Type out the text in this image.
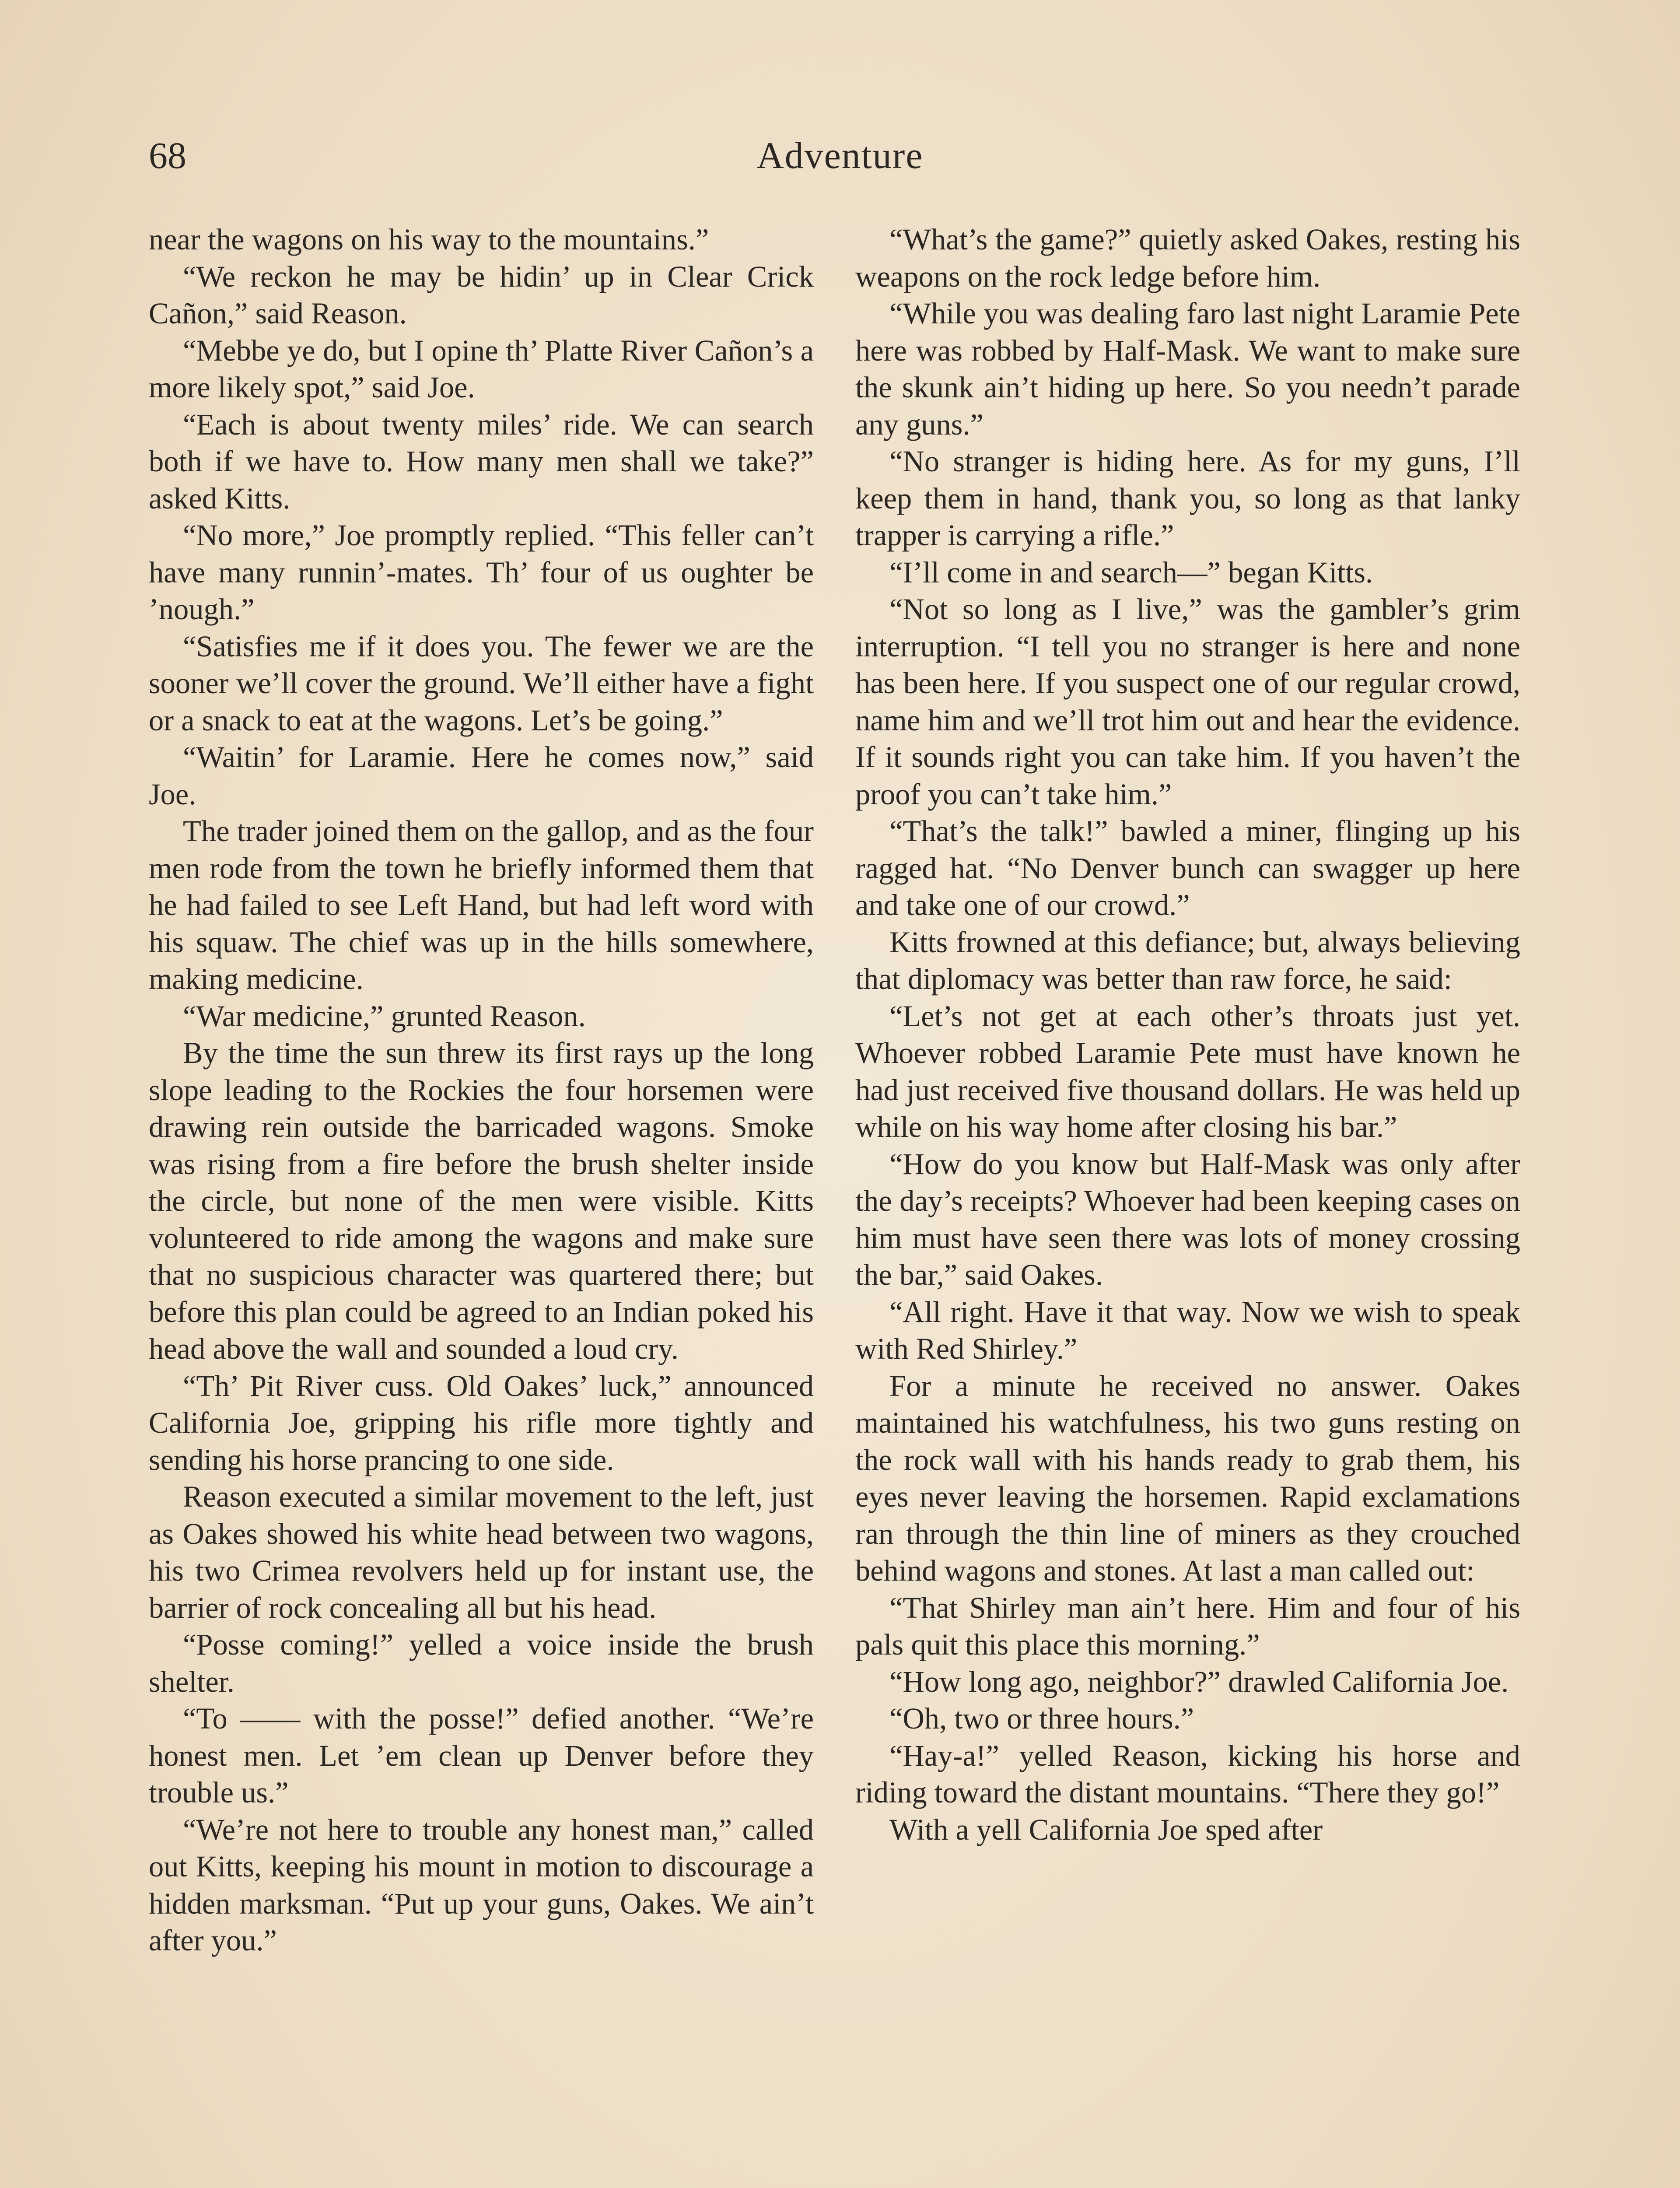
68	Adventure

near the wagons on his way to the mountains.”

“We reckon he may be hidin’ up in Clear Crick Cañon,” said Reason.

“Mebbe ye do, but I opine th’ Platte River Cañon’s a more likely spot,” said Joe.

“Each is about twenty miles’ ride. We can search both if we have to. How many men shall we take?” asked Kitts.

“No more,” Joe promptly replied. “This feller can’t have many runnin’-mates. Th’ four of us oughter be ’nough.”

“Satisfies me if it does you. The fewer we are the sooner we’ll cover the ground. We’ll either have a fight or a snack to eat at the wagons. Let’s be going.”

“Waitin’ for Laramie. Here he comes now,” said Joe.

The trader joined them on the gallop, and as the four men rode from the town he briefly informed them that he had failed to see Left Hand, but had left word with his squaw. The chief was up in the hills somewhere, making medicine.

“War medicine,” grunted Reason.

By the time the sun threw its first rays up the long slope leading to the Rockies the four horsemen were drawing rein outside the barricaded wagons. Smoke was rising from a fire before the brush shelter inside the circle, but none of the men were visible. Kitts volunteered to ride among the wagons and make sure that no suspicious character was quartered there; but before this plan could be agreed to an Indian poked his head above the wall and sounded a loud cry.

“Th’ Pit River cuss. Old Oakes’ luck,” announced California Joe, gripping his rifle more tightly and sending his horse prancing to one side.

Reason executed a similar movement to the left, just as Oakes showed his white head between two wagons, his two Crimea revolvers held up for instant use, the barrier of rock concealing all but his head.

“Posse coming!” yelled a voice inside the brush shelter.

“To —— with the posse!” defied another. “We’re honest men. Let ’em clean up Denver before they trouble us.”

“We’re not here to trouble any honest man,” called out Kitts, keeping his mount in motion to discourage a hidden marksman. “Put up your guns, Oakes. We ain’t after you.”

“What’s the game?” quietly asked Oakes, resting his weapons on the rock ledge before him.

“While you was dealing faro last night Laramie Pete here was robbed by Half-Mask. We want to make sure the skunk ain’t hiding up here. So you needn’t parade any guns.”

“No stranger is hiding here. As for my guns, I’ll keep them in hand, thank you, so long as that lanky trapper is carrying a rifle.”

“I’ll come in and search—” began Kitts.

“Not so long as I live,” was the gambler’s grim interruption. “I tell you no stranger is here and none has been here. If you suspect one of our regular crowd, name him and we’ll trot him out and hear the evidence. If it sounds right you can take him. If you haven’t the proof you can’t take him.”

“That’s the talk!” bawled a miner, flinging up his ragged hat. “No Denver bunch can swagger up here and take one of our crowd.”

Kitts frowned at this defiance; but, always believing that diplomacy was better than raw force, he said:

“Let’s not get at each other’s throats just yet. Whoever robbed Laramie Pete must have known he had just received five thousand dollars. He was held up while on his way home after closing his bar.”

“How do you know but Half-Mask was only after the day’s receipts? Whoever had been keeping cases on him must have seen there was lots of money crossing the bar,” said Oakes.

“All right. Have it that way. Now we wish to speak with Red Shirley.”

For a minute he received no answer. Oakes maintained his watchfulness, his two guns resting on the rock wall with his hands ready to grab them, his eyes never leaving the horsemen. Rapid exclamations ran through the thin line of miners as they crouched behind wagons and stones. At last a man called out:

“That Shirley man ain’t here. Him and four of his pals quit this place this morning.”

“How long ago, neighbor?” drawled California Joe.

“Oh, two or three hours.”

“Hay-a!” yelled Reason, kicking his horse and riding toward the distant mountains. “There they go!”

With a yell California Joe sped after
